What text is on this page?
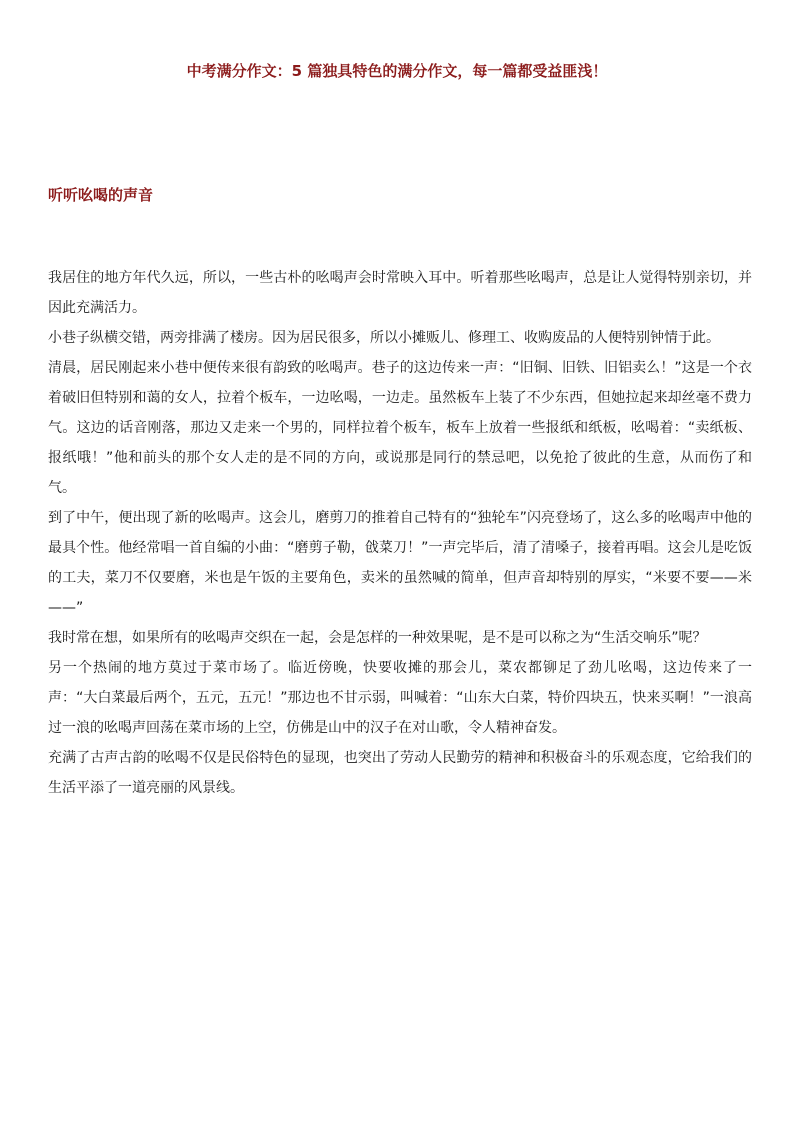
中考满分作文：5 篇独具特色的满分作文，每一篇都受益匪浅！
听听吆喝的声音

我居住的地方年代久远，所以，一些古朴的吆喝声会时常映入耳中。听着那些吆喝声，总是让人觉得特别亲切，并因此充满活力。

小巷子纵横交错，两旁排满了楼房。因为居民很多，所以小摊贩儿、修理工、收购废品的人便特别钟情于此。

清晨，居民刚起来小巷中便传来很有韵致的吆喝声。巷子的这边传来一声：“旧铜、旧铁、旧铝卖么！”这是一个衣着破旧但特别和蔼的女人，拉着个板车，一边吆喝，一边走。虽然板车上装了不少东西，但她拉起来却丝毫不费力气。这边的话音刚落，那边又走来一个男的，同样拉着个板车，板车上放着一些报纸和纸板，吆喝着：“卖纸板、报纸哦！”他和前头的那个女人走的是不同的方向，或说那是同行的禁忌吧，以免抢了彼此的生意，从而伤了和气。

到了中午，便出现了新的吆喝声。这会儿，磨剪刀的推着自己特有的“独轮车”闪亮登场了，这么多的吆喝声中他的最具个性。他经常唱一首自编的小曲：“磨剪子勒，戗菜刀！”一声完毕后，清了清嗓子，接着再唱。这会儿是吃饭的工夫，菜刀不仅要磨，米也是午饭的主要角色，卖米的虽然喊的简单，但声音却特别的厚实，“米要不要——米——”

我时常在想，如果所有的吆喝声交织在一起，会是怎样的一种效果呢，是不是可以称之为“生活交响乐”呢？

另一个热闹的地方莫过于菜市场了。临近傍晚，快要收摊的那会儿，菜农都铆足了劲儿吆喝，这边传来了一声：“大白菜最后两个，五元，五元！”那边也不甘示弱，叫喊着：“山东大白菜，特价四块五，快来买啊！”一浪高过一浪的吆喝声回荡在菜市场的上空，仿佛是山中的汉子在对山歌，令人精神奋发。

充满了古声古韵的吆喝不仅是民俗特色的显现，也突出了劳动人民勤劳的精神和积极奋斗的乐观态度，它给我们的生活平添了一道亮丽的风景线。
